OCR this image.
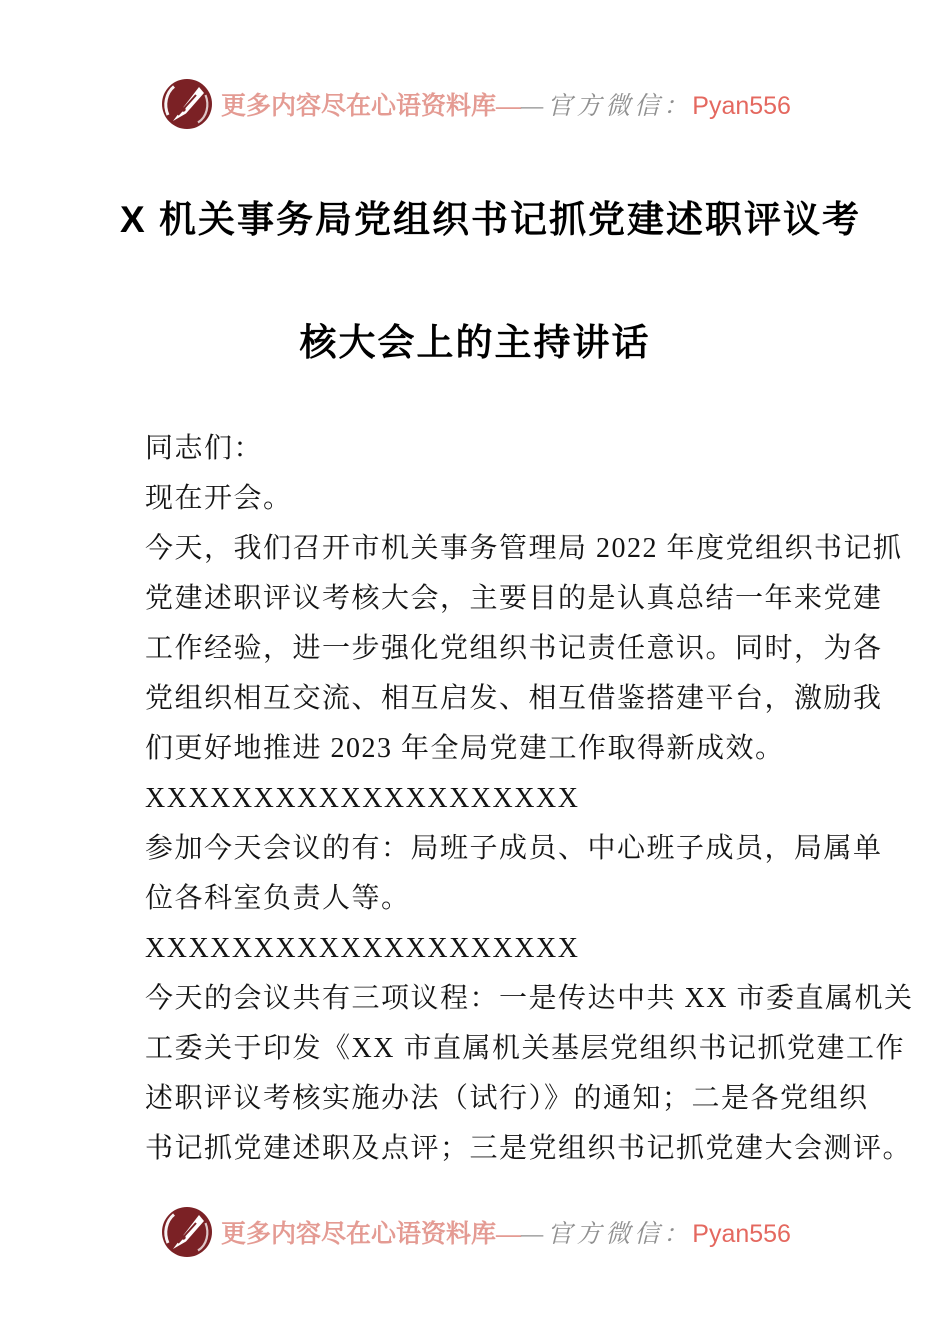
更多内容尽在心语资料库——官方微信：Pyan556
X 机关事务局党组织书记抓党建述职评议考
核大会上的主持讲话
同志们：
现在开会。
今天，我们召开市机关事务管理局 2022 年度党组织书记抓
党建述职评议考核大会，主要目的是认真总结一年来党建
工作经验，进一步强化党组织书记责任意识。同时，为各
党组织相互交流、相互启发、相互借鉴搭建平台，激励我
们更好地推进 2023 年全局党建工作取得新成效。
XXXXXXXXXXXXXXXXXXXX
参加今天会议的有：局班子成员、中心班子成员，局属单
位各科室负责人等。
XXXXXXXXXXXXXXXXXXXX
今天的会议共有三项议程：一是传达中共 XX 市委直属机关
工委关于印发《XX 市直属机关基层党组织书记抓党建工作
述职评议考核实施办法（试行）》的通知；二是各党组织
书记抓党建述职及点评；三是党组织书记抓党建大会测评。
更多内容尽在心语资料库——官方微信：Pyan556
